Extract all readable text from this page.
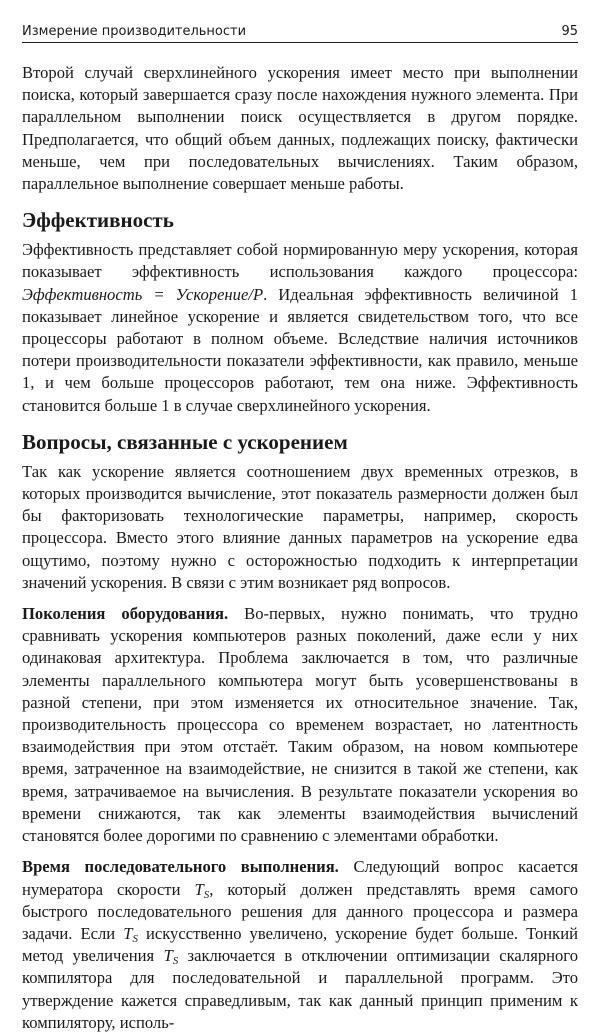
Измерение производительности	95

Второй случай сверхлинейного ускорения имеет место при выполнении поиска, который завершается сразу после нахождения нужного элемента. При параллельном выполнении поиск осуществляется в другом порядке. Предполагается, что общий объем данных, подлежащих поиску, фактически меньше, чем при последовательных вычислениях. Таким образом, параллельное выполнение совершает меньше работы.

Эффективность

Эффективность представляет собой нормированную меру ускорения, которая показывает эффективность использования каждого процессора: Эффективность = Ускорение/P. Идеальная эффективность величиной 1 показывает линейное ускорение и является свидетельством того, что все процессоры работают в полном объеме. Вследствие наличия источников потери производительности показатели эффективности, как правило, меньше 1, и чем больше процессоров работают, тем она ниже. Эффективность становится больше 1 в случае сверхлинейного ускорения.

Вопросы, связанные с ускорением

Так как ускорение является соотношением двух временных отрезков, в которых производится вычисление, этот показатель размерности должен был бы факторизовать технологические параметры, например, скорость процессора. Вместо этого влияние данных параметров на ускорение едва ощутимо, поэтому нужно с осторожностью подходить к интерпретации значений ускорения. В связи с этим возникает ряд вопросов.

Поколения оборудования. Во-первых, нужно понимать, что трудно сравнивать ускорения компьютеров разных поколений, даже если у них одинаковая архитектура. Проблема заключается в том, что различные элементы параллельного компьютера могут быть усовершенствованы в разной степени, при этом изменяется их относительное значение. Так, производительность процессора со временем возрастает, но латентность взаимодействия при этом отстаёт. Таким образом, на новом компьютере время, затраченное на взаимодействие, не снизится в такой же степени, как время, затрачиваемое на вычисления. В результате показатели ускорения во времени снижаются, так как элементы взаимодействия вычислений становятся более дорогими по сравнению с элементами обработки.

Время последовательного выполнения. Следующий вопрос касается нумератора скорости $T_S$, который должен представлять время самого быстрого последовательного решения для данного процессора и размера задачи. Если $T_S$ искусственно увеличено, ускорение будет больше. Тонкий метод увеличения $T_S$ заключается в отключении оптимизации скалярного компилятора для последовательной и параллельной программ. Это утверждение кажется справедливым, так как данный принцип применим к компилятору, исполь-
